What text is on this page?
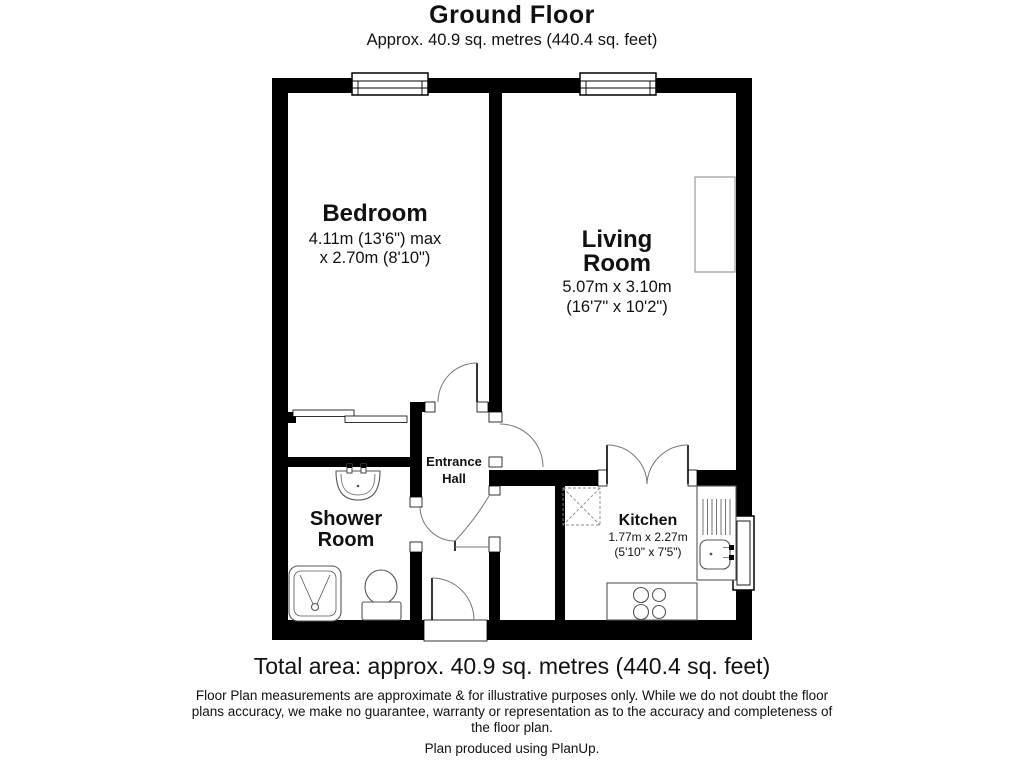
Ground Floor
Approx. 40.9 sq. metres (440.4 sq. feet)
Bedroom
4.11m (13'6") max
x 2.70m (8'10")
Living
Room
5.07m x 3.10m
(16'7" x 10'2")
Shower
Room
Entrance
Hall
Kitchen
1.77m x 2.27m
(5'10" x 7'5")
Total area: approx. 40.9 sq. metres (440.4 sq. feet)
Floor Plan measurements are approximate & for illustrative purposes only. While we do not doubt the floor
plans accuracy, we make no guarantee, warranty or representation as to the accuracy and completeness of
the floor plan.
Plan produced using PlanUp.
